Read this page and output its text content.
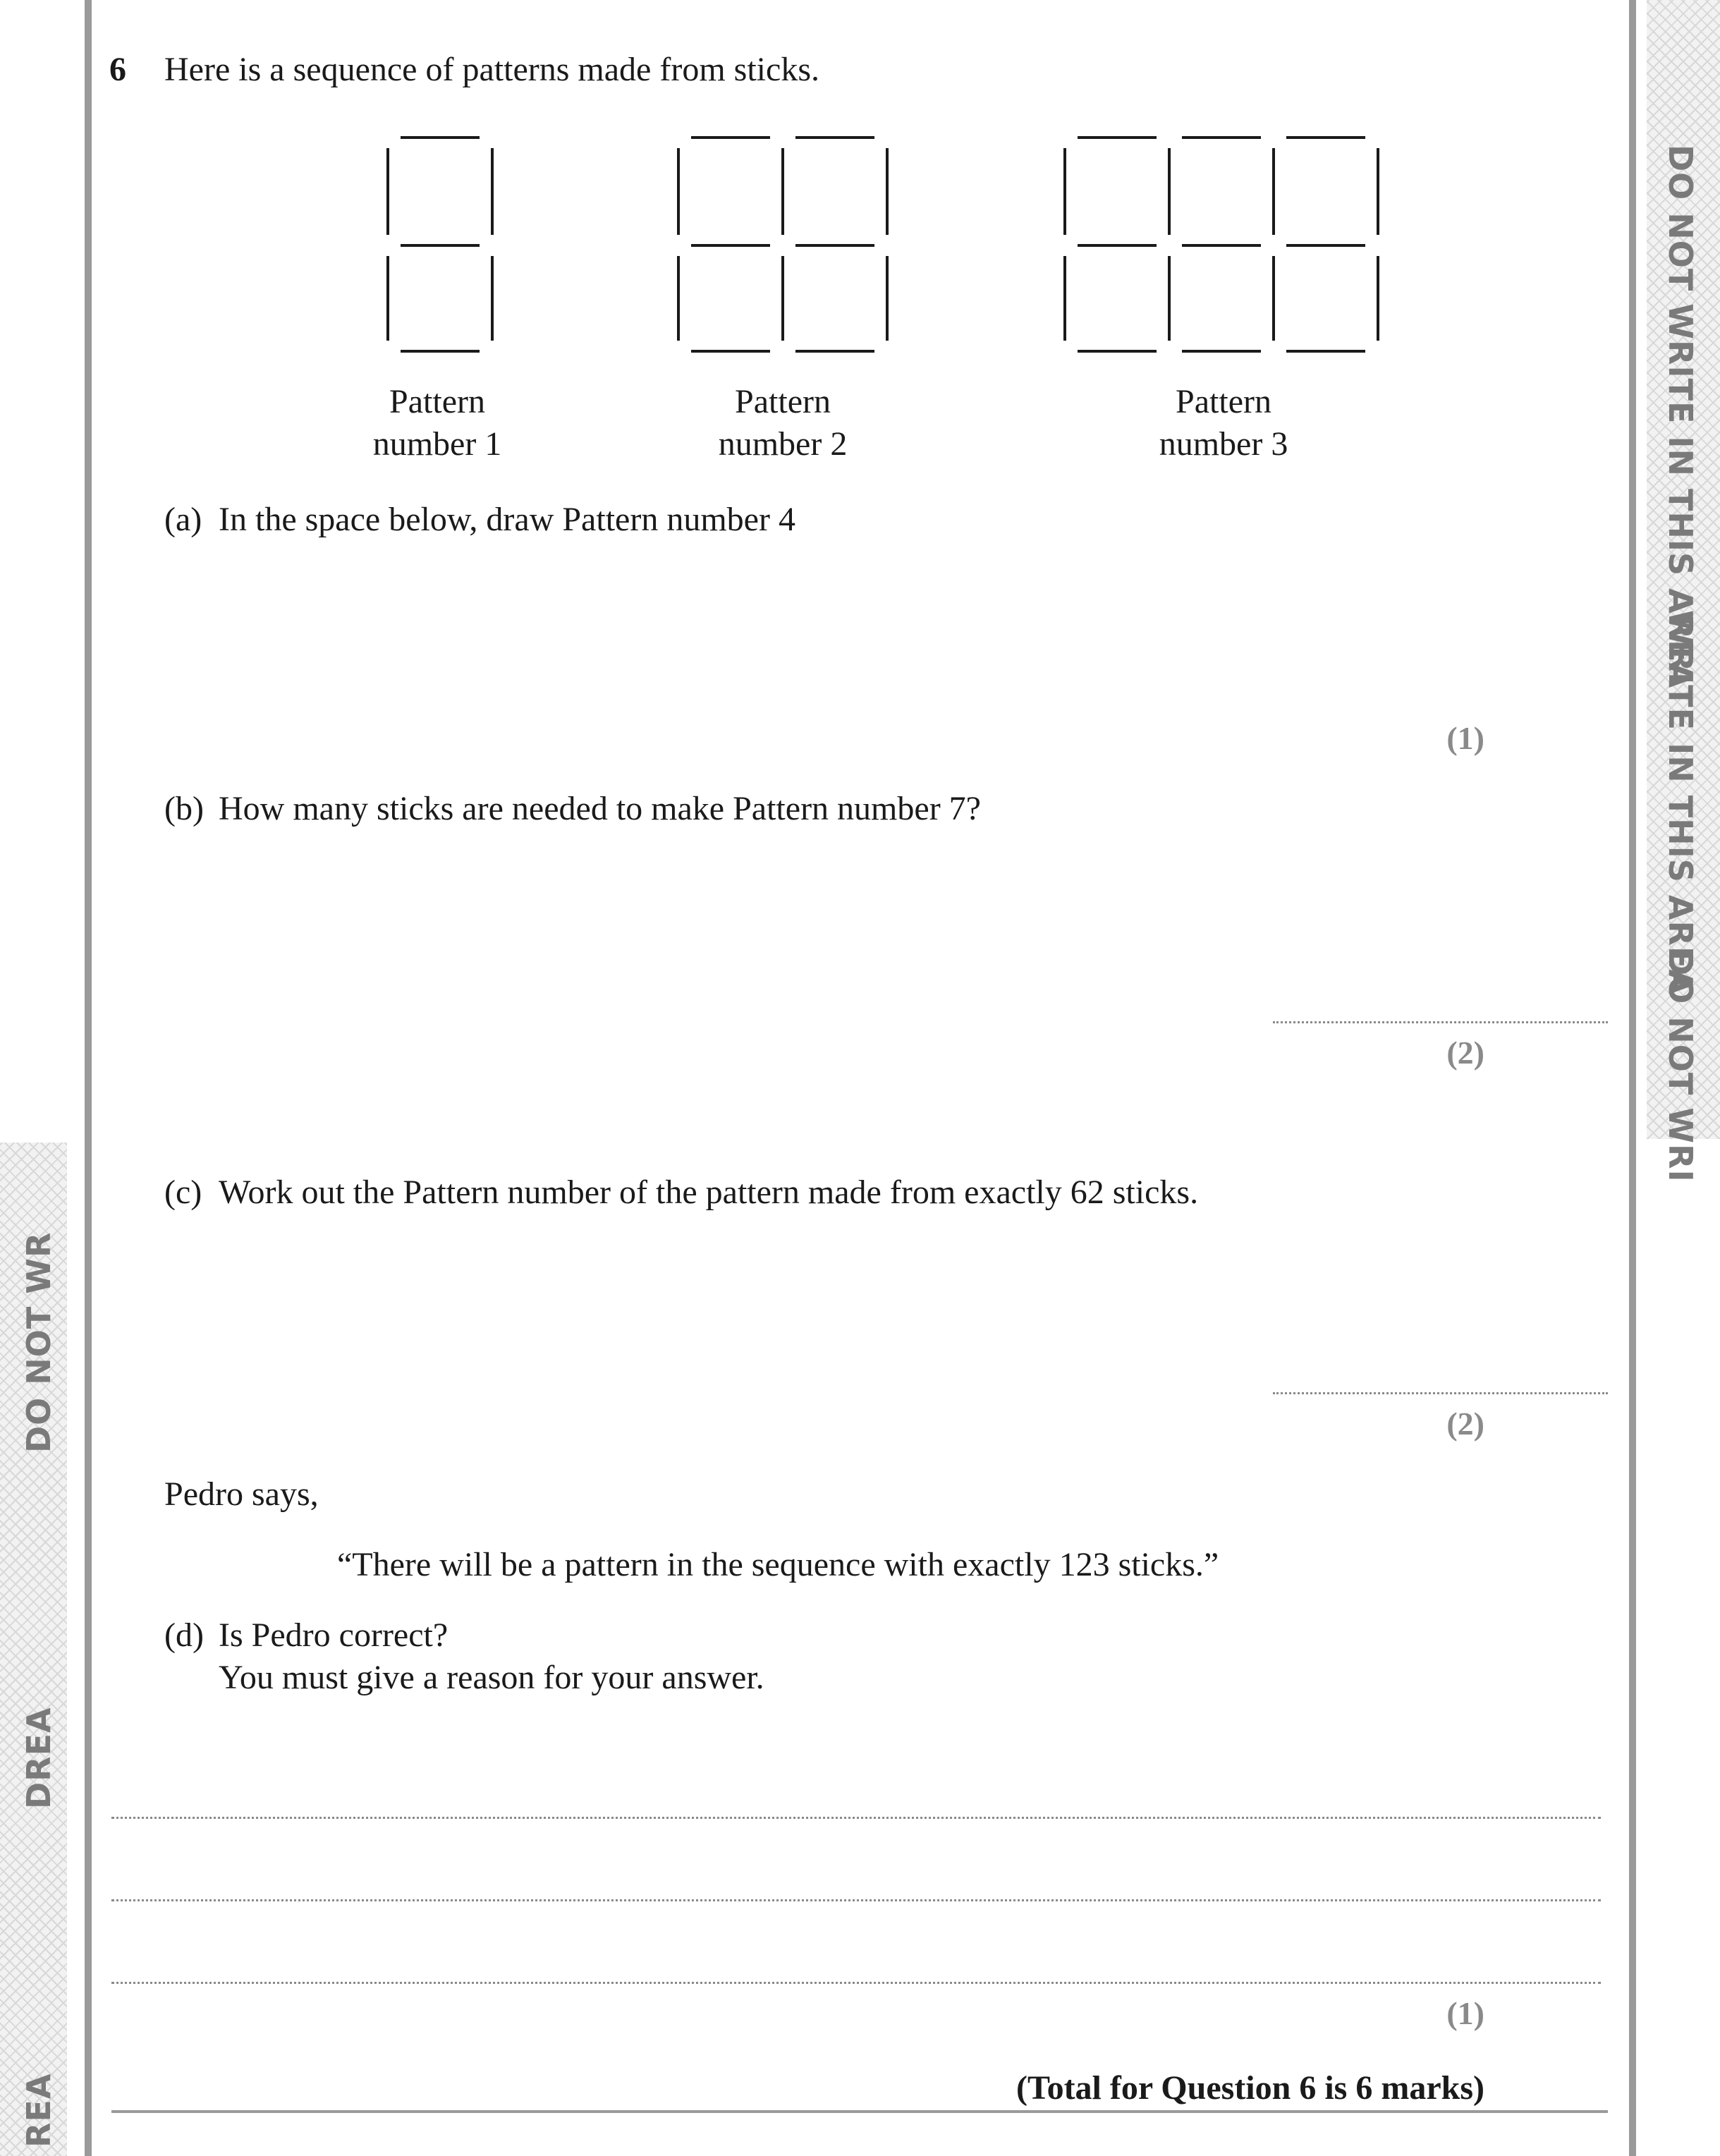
DO NOT WRITE IN THIS AREA
WRITE IN THIS AREA
DO NOT WRI
DO NOT WR
DREA
REA
6 Here is a sequence of patterns made from sticks.
Pattern
number 1
Pattern
number 2
Pattern
number 3
(a) In the space below, draw Pattern number 4
(1)
(b) How many sticks are needed to make Pattern number 7?
(2)
(c) Work out the Pattern number of the pattern made from exactly 62 sticks.
(2)
Pedro says,
“There will be a pattern in the sequence with exactly 123 sticks.”
(d) Is Pedro correct?
You must give a reason for your answer.
(1)
(Total for Question 6 is 6 marks)
